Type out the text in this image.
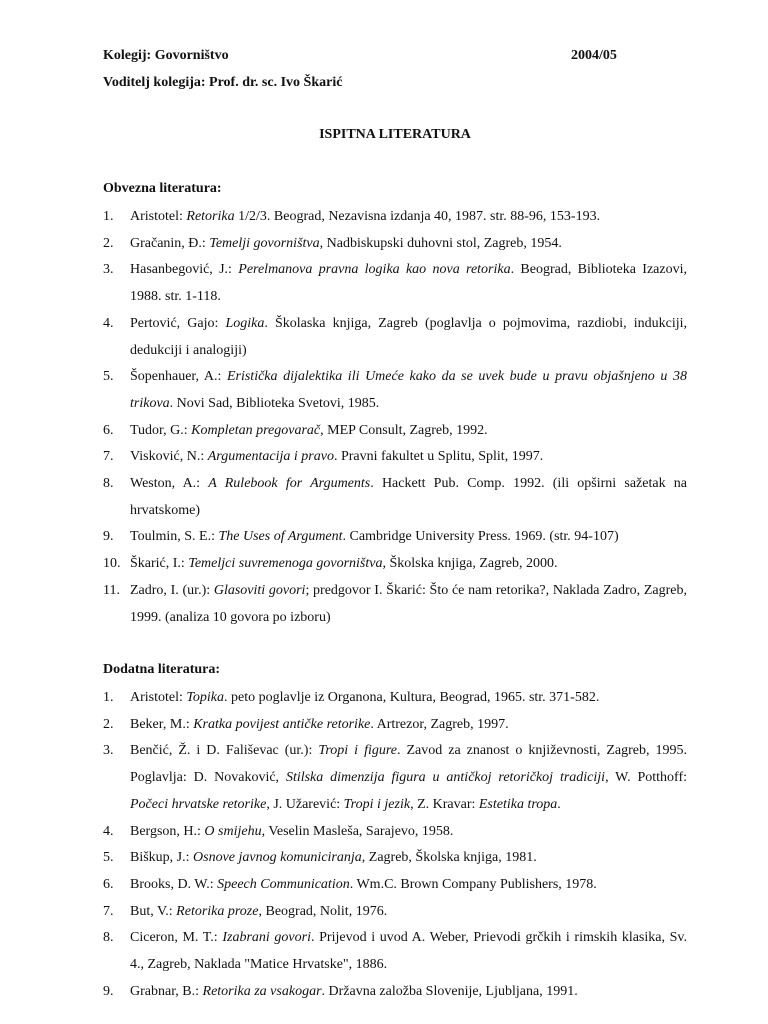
Kolegij: Govorništvo	2004/05
Voditelj kolegija: Prof. dr. sc. Ivo Škarić
ISPITNA LITERATURA
Obvezna literatura:
1. Aristotel: Retorika 1/2/3. Beograd, Nezavisna izdanja 40, 1987. str. 88-96, 153-193.
2. Gračanin, Đ.: Temelji govorništva, Nadbiskupski duhovni stol, Zagreb, 1954.
3. Hasanbegović, J.: Perelmanova pravna logika kao nova retorika. Beograd, Biblioteka Izazovi, 1988. str. 1-118.
4. Pertović, Gajo: Logika. Školaska knjiga, Zagreb (poglavlja o pojmovima, razdiobi, indukciji, dedukciji i analogiji)
5. Šopenhauer, A.: Eristička dijalektika ili Umeće kako da se uvek bude u pravu objašnjeno u 38 trikova. Novi Sad, Biblioteka Svetovi, 1985.
6. Tudor, G.: Kompletan pregovarač, MEP Consult, Zagreb, 1992.
7. Visković, N.: Argumentacija i pravo. Pravni fakultet u Splitu, Split, 1997.
8. Weston, A.: A Rulebook for Arguments. Hackett Pub. Comp. 1992. (ili opširni sažetak na hrvatskome)
9. Toulmin, S. E.: The Uses of Argument. Cambridge University Press. 1969. (str. 94-107)
10. Škarić, I.: Temeljci suvremenoga govorništva, Školska knjiga, Zagreb, 2000.
11. Zadro, I. (ur.): Glasoviti govori; predgovor I. Škarić: Što će nam retorika?, Naklada Zadro, Zagreb, 1999. (analiza 10 govora po izboru)
Dodatna literatura:
1. Aristotel: Topika. peto poglavlje iz Organona, Kultura, Beograd, 1965. str. 371-582.
2. Beker, M.: Kratka povijest antičke retorike. Artrezor, Zagreb, 1997.
3. Benčić, Ž. i D. Fališevac (ur.): Tropi i figure. Zavod za znanost o književnosti, Zagreb, 1995. Poglavlja: D. Novaković, Stilska dimenzija figura u antičkoj retoričkoj tradiciji, W. Potthoff: Počeci hrvatske retorike, J. Užarević: Tropi i jezik, Z. Kravar: Estetika tropa.
4. Bergson, H.: O smijehu, Veselin Masleša, Sarajevo, 1958.
5. Biškup, J.: Osnove javnog komuniciranja, Zagreb, Školska knjiga, 1981.
6. Brooks, D. W.: Speech Communication. Wm.C. Brown Company Publishers, 1978.
7. But, V.: Retorika proze, Beograd, Nolit, 1976.
8. Ciceron, M. T.: Izabrani govori. Prijevod i uvod A. Weber, Prievodi grčkih i rimskih klasika, Sv. 4., Zagreb, Naklada "Matice Hrvatske", 1886.
9. Grabnar, B.: Retorika za vsakogar. Državna založba Slovenije, Ljubljana, 1991.
